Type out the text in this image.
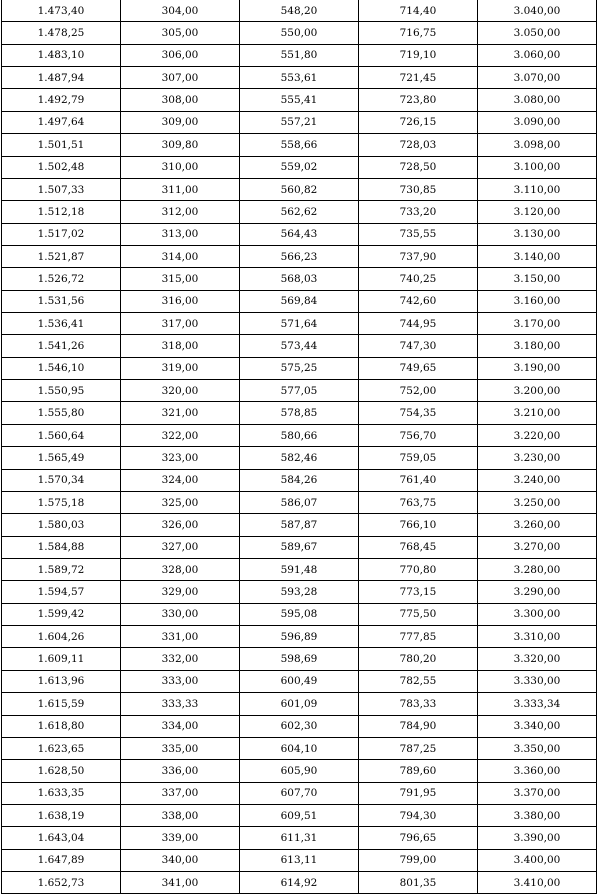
1.473,40	304,00	548,20	714,40	3.040,00
1.478,25	305,00	550,00	716,75	3.050,00
1.483,10	306,00	551,80	719,10	3.060,00
1.487,94	307,00	553,61	721,45	3.070,00
1.492,79	308,00	555,41	723,80	3.080,00
1.497,64	309,00	557,21	726,15	3.090,00
1.501,51	309,80	558,66	728,03	3.098,00
1.502,48	310,00	559,02	728,50	3.100,00
1.507,33	311,00	560,82	730,85	3.110,00
1.512,18	312,00	562,62	733,20	3.120,00
1.517,02	313,00	564,43	735,55	3.130,00
1.521,87	314,00	566,23	737,90	3.140,00
1.526,72	315,00	568,03	740,25	3.150,00
1.531,56	316,00	569,84	742,60	3.160,00
1.536,41	317,00	571,64	744,95	3.170,00
1.541,26	318,00	573,44	747,30	3.180,00
1.546,10	319,00	575,25	749,65	3.190,00
1.550,95	320,00	577,05	752,00	3.200,00
1.555,80	321,00	578,85	754,35	3.210,00
1.560,64	322,00	580,66	756,70	3.220,00
1.565,49	323,00	582,46	759,05	3.230,00
1.570,34	324,00	584,26	761,40	3.240,00
1.575,18	325,00	586,07	763,75	3.250,00
1.580,03	326,00	587,87	766,10	3.260,00
1.584,88	327,00	589,67	768,45	3.270,00
1.589,72	328,00	591,48	770,80	3.280,00
1.594,57	329,00	593,28	773,15	3.290,00
1.599,42	330,00	595,08	775,50	3.300,00
1.604,26	331,00	596,89	777,85	3.310,00
1.609,11	332,00	598,69	780,20	3.320,00
1.613,96	333,00	600,49	782,55	3.330,00
1.615,59	333,33	601,09	783,33	3.333,34
1.618,80	334,00	602,30	784,90	3.340,00
1.623,65	335,00	604,10	787,25	3.350,00
1.628,50	336,00	605,90	789,60	3.360,00
1.633,35	337,00	607,70	791,95	3.370,00
1.638,19	338,00	609,51	794,30	3.380,00
1.643,04	339,00	611,31	796,65	3.390,00
1.647,89	340,00	613,11	799,00	3.400,00
1.652,73	341,00	614,92	801,35	3.410,00
